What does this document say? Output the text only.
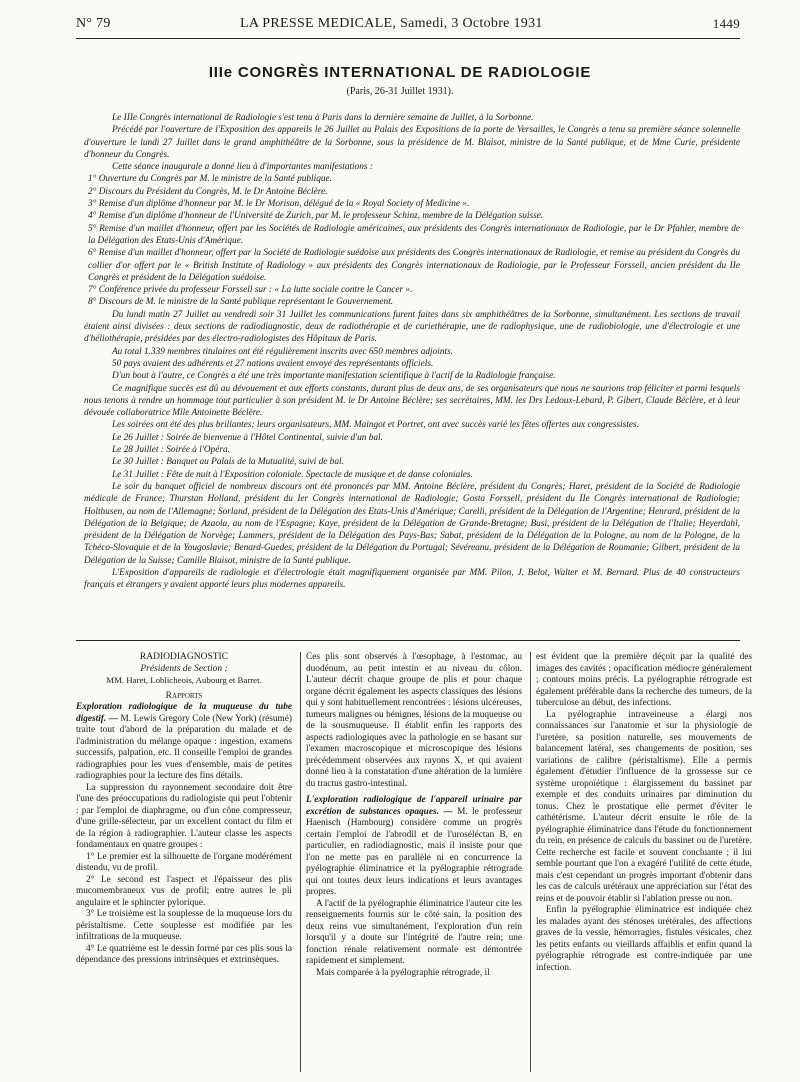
N° 79	LA PRESSE MEDICALE, Samedi, 3 Octobre 1931	1449
IIIe CONGRÈS INTERNATIONAL DE RADIOLOGIE
(Paris, 26-31 Juillet 1931).

Le IIIe Congrès international de Radiologie s'est tenu à Paris dans la dernière semaine de Juillet, à la Sorbonne.

Précédé par l'ouverture de l'Exposition des appareils le 26 Juillet au Palais des Expositions de la porte de Versailles, le Congrès a tenu sa première séance solennelle d'ouverture le lundi 27 Juillet dans le grand amphithéâtre de la Sorbonne, sous la présidence de M. Blaisot, ministre de la Santé publique, et de Mme Curie, présidente d'honneur du Congrès.

Cette séance inaugurale a donné lieu à d'importantes manifestations :

1° Ouverture du Congrès par M. le ministre de la Santé publique.

2° Discours du Président du Congrès, M. le Dr Antoine Béclère.

3° Remise d'un diplôme d'honneur par M. le Dr Morison, délégué de la « Royal Society of Medicine ».

4° Remise d'un diplôme d'honneur de l'Université de Zurich, par M. le professeur Schinz, membre de la Délégation suisse.

5° Remise d'un maillet d'honneur, offert par les Sociétés de Radiologie américaines, aux présidents des Congrès internationaux de Radiologie, par le Dr Pfahler, membre de la Délégation des Etats-Unis d'Amérique.

6° Remise d'un maillet d'honneur, offert par la Société de Radiologie suédoise aux présidents des Congrès internationaux de Radiologie, et remise au président du Congrès du collier d'or offert par le « British Institute of Radiology » aux présidents des Congrès internationaux de Radiologie, par le Professeur Forssell, ancien président du IIe Congrès et président de la Délégation suédoise.

7° Conférence privée du professeur Forssell sur : « La lutte sociale contre le Cancer ».

8° Discours de M. le ministre de la Santé publique représentant le Gouvernement.

Du lundi matin 27 Juillet au vendredi soir 31 Juillet les communications furent faites dans six amphithéâtres de la Sorbonne, simultanément. Les sections de travail étaient ainsi divisées : deux sections de radiodiagnostic, deux de radiothérapie et de curiethérapie, une de radiophysique, une de radiobiologie, une d'électrologie et une d'héliothérapie, présidées par des électro-radiologistes des Hôpitaux de Paris.

Au total 1.339 membres titulaires ont été régulièrement inscrits avec 650 membres adjoints.

50 pays avaient des adhérents et 27 nations avaient envoyé des représentants officiels.

D'un bout à l'autre, ce Congrès a été une très importante manifestation scientifique à l'actif de la Radiologie française.

Ce magnifique succès est dû au dévouement et aux efforts constants, durant plus de deux ans, de ses organisateurs que nous ne saurions trop féliciter et parmi lesquels nous tenons à rendre un hommage tout particulier à son président M. le Dr Antoine Béclère; ses secrétaires, MM. les Drs Ledoux-Lebard, P. Gibert, Claude Béclère, et à leur dévouée collaboratrice Mlle Antoinette Béclère.

Les soirées ont été des plus brillantes; leurs organisateurs, MM. Maingot et Portret, ont avec succès varié les fêtes offertes aux congressistes.

Le 26 Juillet : Soirée de bienvenue à l'Hôtel Continental, suivie d'un bal.

Le 28 Juillet : Soirée à l'Opéra.

Le 30 Juillet : Banquet au Palais de la Mutualité, suivi de bal.

Le 31 Juillet : Fête de nuit à l'Exposition coloniale. Spectacle de musique et de danse coloniales.

Le soir du banquet officiel de nombreux discours ont été prononcés par MM. Antoine Béclère, président du Congrès; Haret, président de la Société de Radiologie médicale de France; Thurstan Holland, président du Ier Congrès international de Radiologie; Gosta Forssell, président du IIe Congrès international de Radiologie; Holthusen, au nom de l'Allemagne; Sorland, président de la Délégation des Etats-Unis d'Amérique; Carelli, président de la Délégation de l'Argentine; Henrard, président de la Délégation de la Belgique; de Azaola, au nom de l'Espagne; Kaye, président de la Délégation de Grande-Bretagne; Busi, président de la Délégation de l'Italie; Heyerdahl, président de la Délégation de Norvège; Lammers, président de la Délégation des Pays-Bas; Sabat, président de la Délégation de la Pologne, au nom de la Pologne, de la Tchéco-Slovaquie et de la Yougoslavie; Benard-Guedes, président de la Délégation du Portugal; Sévéreanu, président de la Délégation de Roumanie; Gilbert, président de la Délégation de la Suisse; Camille Blaisot, ministre de la Santé publique.

L'Exposition d'appareils de radiologie et d'électrologie était magnifiquement organisée par MM. Pilon, J. Belot, Walter et M. Bernard. Plus de 40 constructeurs français et étrangers y avaient apporté leurs plus modernes appareils.

RADIODIAGNOSTIC

Présidents de Section :

MM. Haret, Loblicheois, Aubourg et Barret.

Rapports

Exploration radiologique de la muqueuse du tube digestif. — M. Lewis Gregory Cole (New York) (résumé) traite tout d'abord de la préparation du malade et de l'administration du mélange opaque : ingestion, examens successifs, palpation, etc. Il conseille l'emploi de grandes radiographies pour les vues d'ensemble, mais de petites radiographies pour la lecture des fins détails.

La suppression du rayonnement secondaire doit être l'une des préoccupations du radiologiste qui peut l'obtenir : par l'emploi de diaphragme, ou d'un cône compresseur, d'une grille-sélecteur, par un excellent contact du film et de la région à radiographier. L'auteur classe les aspects fondamentaux en quatre groupes :

1° Le premier est la silhouette de l'organe modérément distendu, vu de profil.

2° Le second est l'aspect et l'épaisseur des plis mucomembraneux vus de profil; entre autres le pli angulaire et le sphincter pylorique.

3° Le troisième est la souplesse de la muqueuse lors du péristaltisme. Cette souplesse est modifiée par les infiltrations de la muqueuse.

4° Le quatrième est le dessin formé par ces plis sous la dépendance des pressions intrinsèques et extrinsèques.

Ces plis sont observés à l'œsophage, à l'estomac, au duodénum, au petit intestin et au niveau du côlon. L'auteur décrit chaque groupe de plis et pour chaque organe décrit également les aspects classiques des lésions qui y sont habituellement rencontrées : lésions ulcéreuses, tumeurs malignes ou bénignes, lésions de la muqueuse ou de la sousmuqueuse. Il établit enfin les rapports des aspects radiologiques avec la pathologie en se basant sur l'examen macroscopique et microscopique des lésions précédemment observées aux rayons X, et qui avaient donné lieu à la constatation d'une altération de la lumière du tractus gastro-intestinal.

L'exploration radiologique de l'appareil urinaire par excrétion de substances opaques. — M. le professeur Haenisch (Hambourg) considère comme un progrès certain l'emploi de l'abrodil et de l'uroséléctan B, en particulier, en radiodiagnostic, mais il insiste pour que l'on ne mette pas en parallèle ni en concurrence la pyélographie éliminatrice et la pyélographie rétrograde qui ont toutes deux leurs indications et leurs avantages propres.

A l'actif de la pyélographie éliminatrice l'auteur cite les renseignements fournis sur le côté sain, la position des deux reins vue simultanément, l'exploration d'un rein lorsqu'il y a doute sur l'intégrité de l'autre rein; une fonction rénale relativement normale est démontrée rapidement et simplement.

Mais comparée à la pyélographie rétrograde, il

est évident que la première déçoit par la qualité des images des cavités : opacification médiocre généralement ; contours moins précis. La pyélographie rétrograde est également préférable dans la recherche des tumeurs, de la tuberculose au début, des infections.

La pyélographie intraveineuse a élargi nos connaissances sur l'anatomie et sur la physiologie de l'uretère, sa position naturelle, ses mouvements de balancement latéral, ses changements de position, ses variations de calibre (péristaltisme). Elle a permis également d'étudier l'influence de la grossesse sur ce système uropoïétique : élargissement du bassinet par exemple et des conduits urinaires par diminution du tonus. Chez le prostatique elle permet d'éviter le cathétérisme. L'auteur décrit ensuite le rôle de la pyélographie éliminatrice dans l'étude du fonctionnement du rein, en présence de calculs du bassinet ou de l'uretère. Cette recherche est facile et souvent concluante ; il lui semble pourtant que l'on a exagéré l'utilité de cette étude, mais c'est cependant un progrès important d'obtenir dans les cas de calculs urétéraux une appréciation sur l'état des reins et de pouvoir établir si l'ablation presse ou non.

Enfin la pyélographie éliminatrice est indiquée chez les malades ayant des sténoses urétérales, des affections graves de la vessie, hémorragies, fistules vésicales, chez les petits enfants ou vieillards affaiblis et enfin quand la pyélographie rétrograde est contre-indiquée par une infection.
